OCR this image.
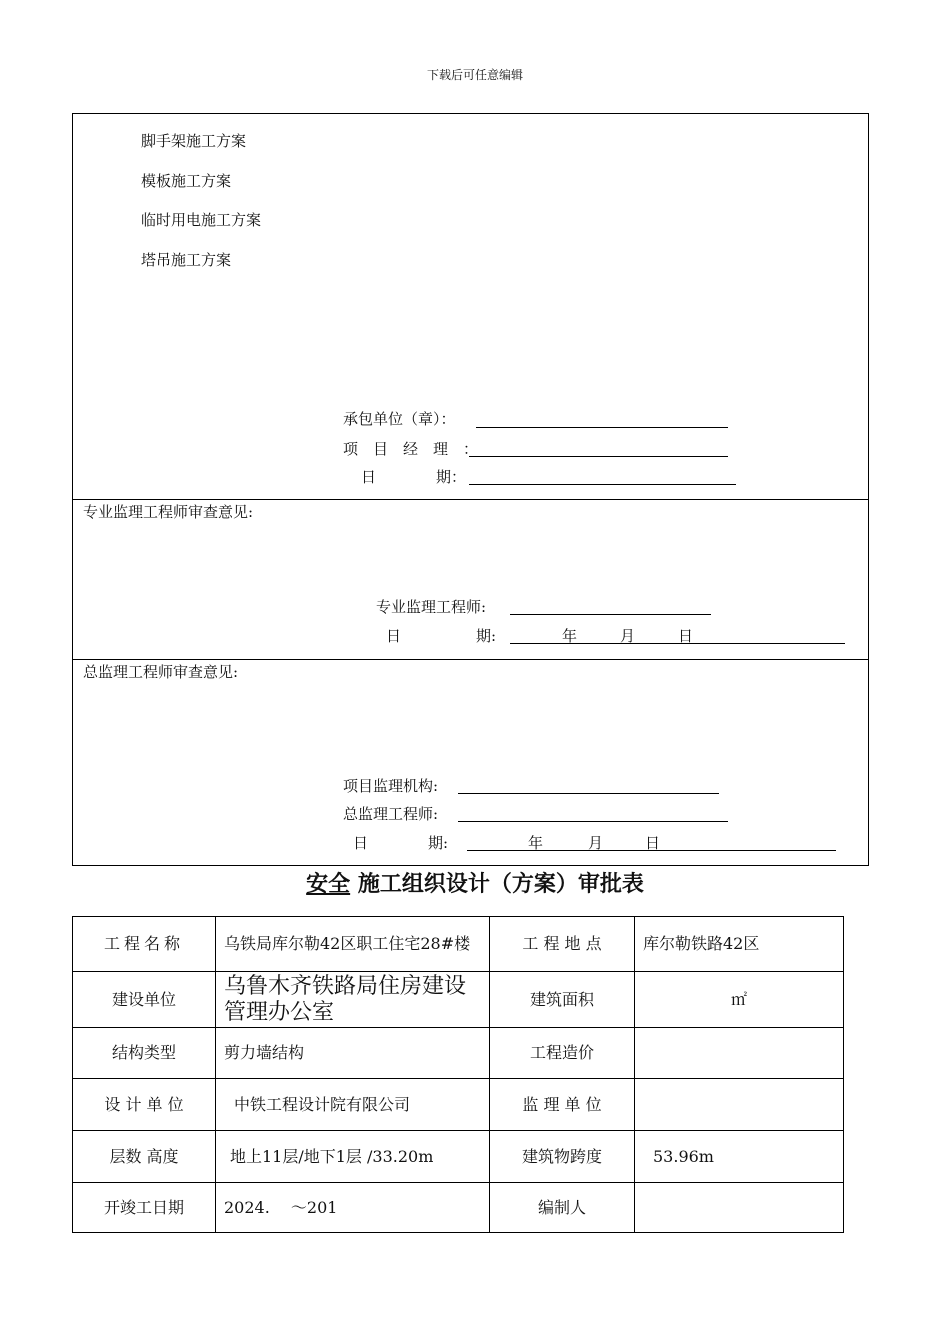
下载后可任意编辑
脚手架施工方案
模板施工方案
临时用电施工方案
塔吊施工方案
承包单位（章）：
项　目　经　理　：
日　　　　期：
专业监理工程师审查意见:
专业监理工程师:
日　　　　　期:	年	月	日
总监理工程师审查意见:
项目监理机构:
总监理工程师:
日　　　　期:	年	月	日
安全 施工组织设计（方案）审批表
工程名称	乌铁局库尔勒42区职工住宅28#楼	工 程 地 点	库尔勒铁路42区
建设单位	乌鲁木齐铁路局住房建设管理办公室	建筑面积	㎡
结构类型	剪力墙结构	工程造价	
设 计 单 位	中铁工程设计院有限公司	监 理 单 位	
层数 高度	地上11层/地下1层 /33.20m	建筑物跨度	53.96m
开竣工日期	2024.　 ～201	编制人	
